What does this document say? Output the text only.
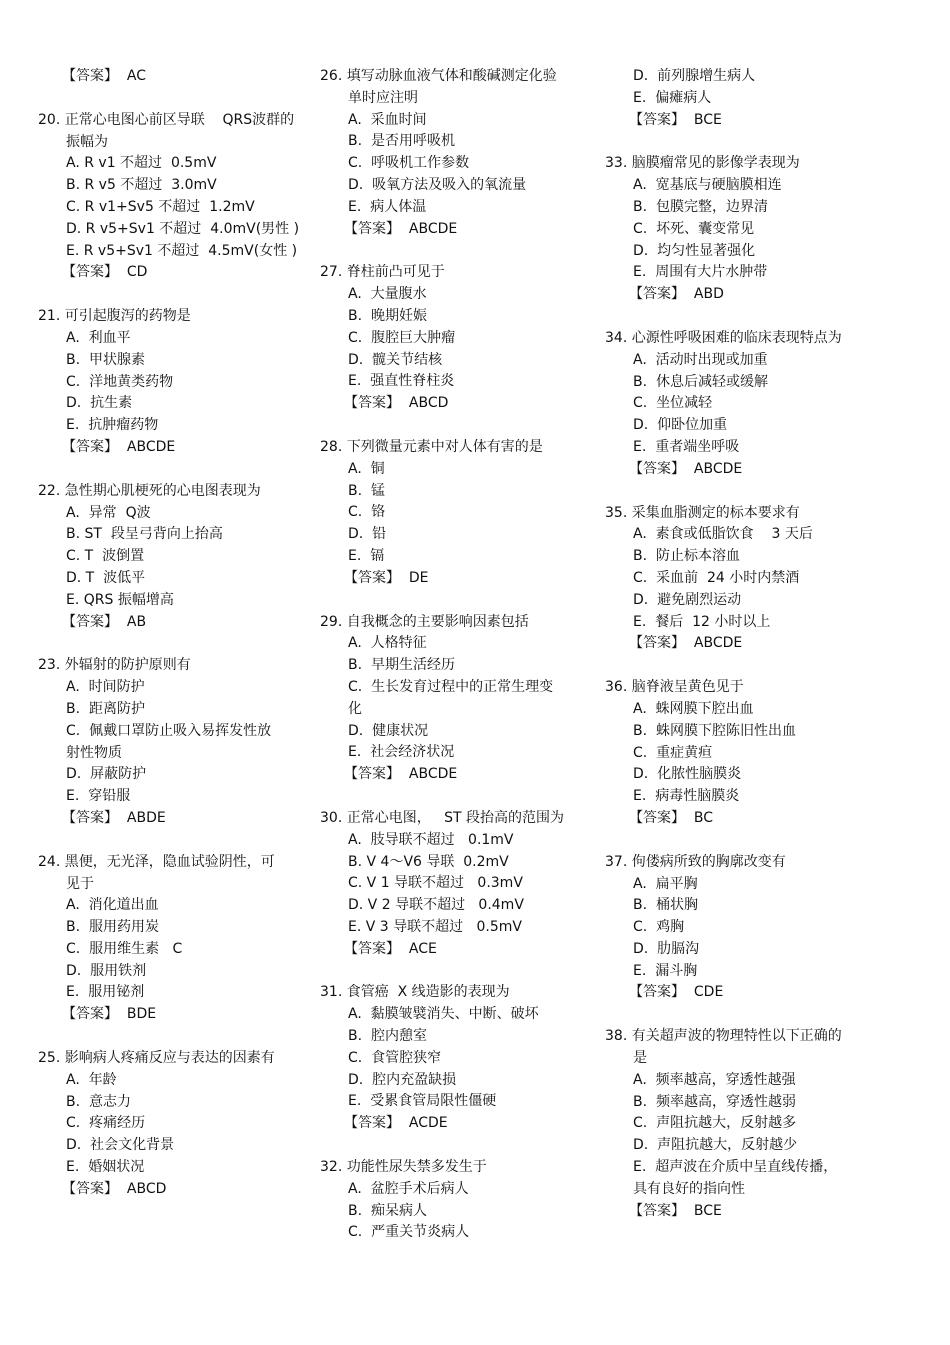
【答案】  AC
20. 正常心电图心前区导联    QRS波群的
振幅为
A. R v1 不超过  0.5mV
B. R v5 不超过  3.0mV
C. R v1+Sv5 不超过  1.2mV
D. R v5+Sv1 不超过  4.0mV(男性 )
E. R v5+Sv1 不超过  4.5mV(女性 )
【答案】  CD
21. 可引起腹泻的药物是
A.  利血平
B.  甲状腺素
C.  洋地黄类药物
D.  抗生素
E.  抗肿瘤药物
【答案】  ABCDE
22. 急性期心肌梗死的心电图表现为
A.  异常  Q波
B. ST  段呈弓背向上抬高
C. T  波倒置
D. T  波低平
E. QRS 振幅增高
【答案】  AB
23. 外辐射的防护原则有
A.  时间防护
B.  距离防护
C.  佩戴口罩防止吸入易挥发性放
射性物质
D.  屏蔽防护
E.  穿铅服
【答案】  ABDE
24. 黑便，无光泽，隐血试验阴性，可
见于
A.  消化道出血
B.  服用药用炭
C.  服用维生素   C
D.  服用铁剂
E.  服用铋剂
【答案】  BDE
25. 影响病人疼痛反应与表达的因素有
A.  年龄
B.  意志力
C.  疼痛经历
D.  社会文化背景
E.  婚姻状况
【答案】  ABCD
26. 填写动脉血液气体和酸碱测定化验
单时应注明
A.  采血时间
B.  是否用呼吸机
C.  呼吸机工作参数
D.  吸氧方法及吸入的氧流量
E.  病人体温
【答案】  ABCDE
27. 脊柱前凸可见于
A.  大量腹水
B.  晚期妊娠
C.  腹腔巨大肿瘤
D.  髋关节结核
E.  强直性脊柱炎
【答案】  ABCD
28. 下列微量元素中对人体有害的是
A.  铜
B.  锰
C.  铬
D.  铅
E.  镉
【答案】  DE
29. 自我概念的主要影响因素包括
A.  人格特征
B.  早期生活经历
C.  生长发育过程中的正常生理变
化
D.  健康状况
E.  社会经济状况
【答案】  ABCDE
30. 正常心电图，   ST 段抬高的范围为
A.  肢导联不超过   0.1mV
B. V 4～V6 导联  0.2mV
C. V 1 导联不超过   0.3mV
D. V 2 导联不超过   0.4mV
E. V 3 导联不超过   0.5mV
【答案】  ACE
31. 食管癌  X 线造影的表现为
A.  黏膜皱襞消失、中断、破坏
B.  腔内憩室
C.  食管腔狭窄
D.  腔内充盈缺损
E.  受累食管局限性僵硬
【答案】  ACDE
32. 功能性尿失禁多发生于
A.  盆腔手术后病人
B.  痴呆病人
C.  严重关节炎病人
D.  前列腺增生病人
E.  偏瘫病人
【答案】  BCE
33. 脑膜瘤常见的影像学表现为
A.  宽基底与硬脑膜相连
B.  包膜完整，边界清
C.  坏死、囊变常见
D.  均匀性显著强化
E.  周围有大片水肿带
【答案】  ABD
34. 心源性呼吸困难的临床表现特点为
A.  活动时出现或加重
B.  休息后减轻或缓解
C.  坐位减轻
D.  仰卧位加重
E.  重者端坐呼吸
【答案】  ABCDE
35. 采集血脂测定的标本要求有
A.  素食或低脂饮食    3 天后
B.  防止标本溶血
C.  采血前  24 小时内禁酒
D.  避免剧烈运动
E.  餐后  12 小时以上
【答案】  ABCDE
36. 脑脊液呈黄色见于
A.  蛛网膜下腔出血
B.  蛛网膜下腔陈旧性出血
C.  重症黄疸
D.  化脓性脑膜炎
E.  病毒性脑膜炎
【答案】  BC
37. 佝偻病所致的胸廓改变有
A.  扁平胸
B.  桶状胸
C.  鸡胸
D.  肋膈沟
E.  漏斗胸
【答案】  CDE
38. 有关超声波的物理特性以下正确的
是
A.  频率越高，穿透性越强
B.  频率越高，穿透性越弱
C.  声阻抗越大，反射越多
D.  声阻抗越大，反射越少
E.  超声波在介质中呈直线传播，
具有良好的指向性
【答案】  BCE
